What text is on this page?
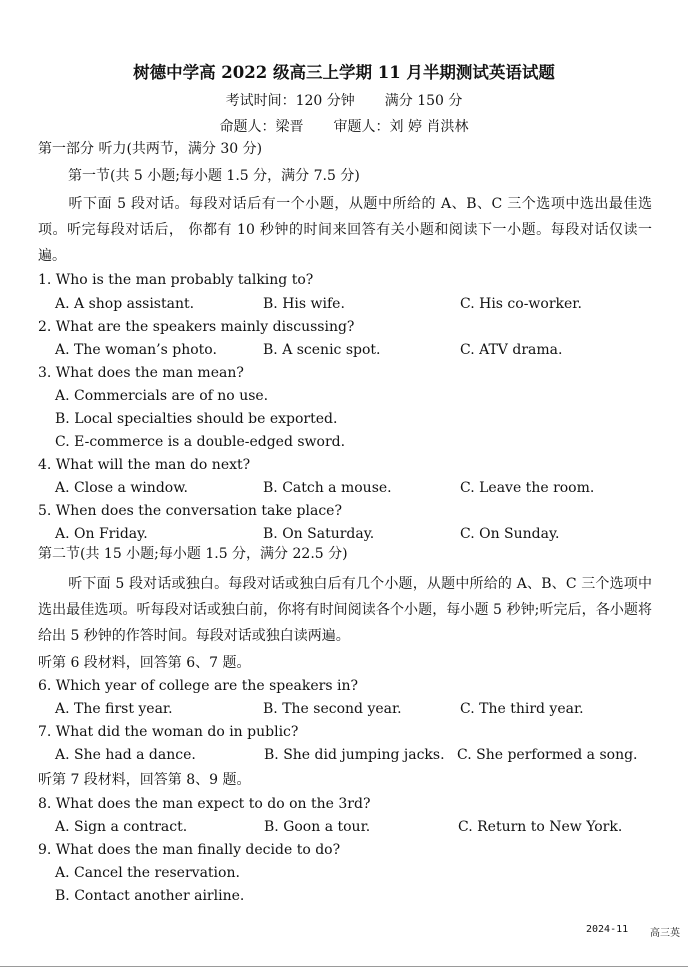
树德中学高 2022 级高三上学期 11 月半期测试英语试题
考试时间：120 分钟 满分 150 分
命题人：梁晋 审题人：刘 婷 肖洪林
第一部分 听力(共两节，满分 30 分)
第一节(共 5 小题;每小题 1.5 分，满分 7.5 分)
听下面 5 段对话。每段对话后有一个小题，从题中所给的 A、B、C 三个选项中选出最佳选项。听完每段对话后， 你都有 10 秒钟的时间来回答有关小题和阅读下一小题。每段对话仅读一遍。
1. Who is the man probably talking to?
A. A shop assistant.	B. His wife.	C. His co-worker.
2. What are the speakers mainly discussing?
A. The woman’s photo.	B. A scenic spot.	C. ATV drama.
3. What does the man mean?
A. Commercials are of no use.
B. Local specialties should be exported.
C. E-commerce is a double-edged sword.
4. What will the man do next?
A. Close a window.	B. Catch a mouse.	C. Leave the room.
5. When does the conversation take place?
A. On Friday.	B. On Saturday.	C. On Sunday.
第二节(共 15 小题;每小题 1.5 分，满分 22.5 分)
听下面 5 段对话或独白。每段对话或独白后有几个小题，从题中所给的 A、B、C 三个选项中选出最佳选项。听每段对话或独白前，你将有时间阅读各个小题，每小题 5 秒钟;听完后，各小题将给出 5 秒钟的作答时间。每段对话或独白读两遍。
听第 6 段材料，回答第 6、7 题。
6. Which year of college are the speakers in?
A. The first year.	B. The second year.	C. The third year.
7. What did the woman do in public?
A. She had a dance.	B. She did jumping jacks. C. She performed a song.
听第 7 段材料，回答第 8、9 题。
8. What does the man expect to do on the 3rd?
A. Sign a contract.	B. Goon a tour.	C. Return to New York.
9. What does the man finally decide to do?
A. Cancel the reservation.
B. Contact another airline.
2024-11 高三英
